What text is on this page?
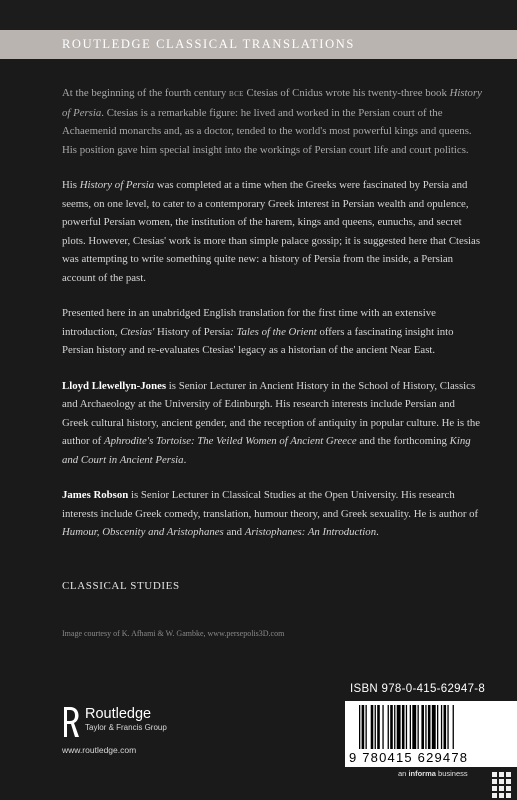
ROUTLEDGE CLASSICAL TRANSLATIONS

At the beginning of the fourth century bce Ctesias of Cnidus wrote his twenty-three book History of Persia. Ctesias is a remarkable figure: he lived and worked in the Persian court of the Achaemenid monarchs and, as a doctor, tended to the world's most powerful kings and queens. His position gave him special insight into the workings of Persian court life and court politics.

His History of Persia was completed at a time when the Greeks were fascinated by Persia and seems, on one level, to cater to a contemporary Greek interest in Persian wealth and opulence, powerful Persian women, the institution of the harem, kings and queens, eunuchs, and secret plots. However, Ctesias' work is more than simple palace gossip; it is suggested here that Ctesias was attempting to write something quite new: a history of Persia from the inside, a Persian account of the past.

Presented here in an unabridged English translation for the first time with an extensive introduction, Ctesias' History of Persia: Tales of the Orient offers a fascinating insight into Persian history and re-evaluates Ctesias' legacy as a historian of the ancient Near East.

Lloyd Llewellyn-Jones is Senior Lecturer in Ancient History in the School of History, Classics and Archaeology at the University of Edinburgh. His research interests include Persian and Greek cultural history, ancient gender, and the reception of antiquity in popular culture. He is the author of Aphrodite's Tortoise: The Veiled Women of Ancient Greece and the forthcoming King and Court in Ancient Persia.

James Robson is Senior Lecturer in Classical Studies at the Open University. His research interests include Greek comedy, translation, humour theory, and Greek sexuality. He is author of Humour, Obscenity and Aristophanes and Aristophanes: An Introduction.

CLASSICAL STUDIES
Image courtesy of K. Afhami & W. Gambke, www.persepolis3D.com
Routledge
Taylor & Francis Group
www.routledge.com
ISBN 978-0-415-62947-8
9 780415 629478
an informa business
